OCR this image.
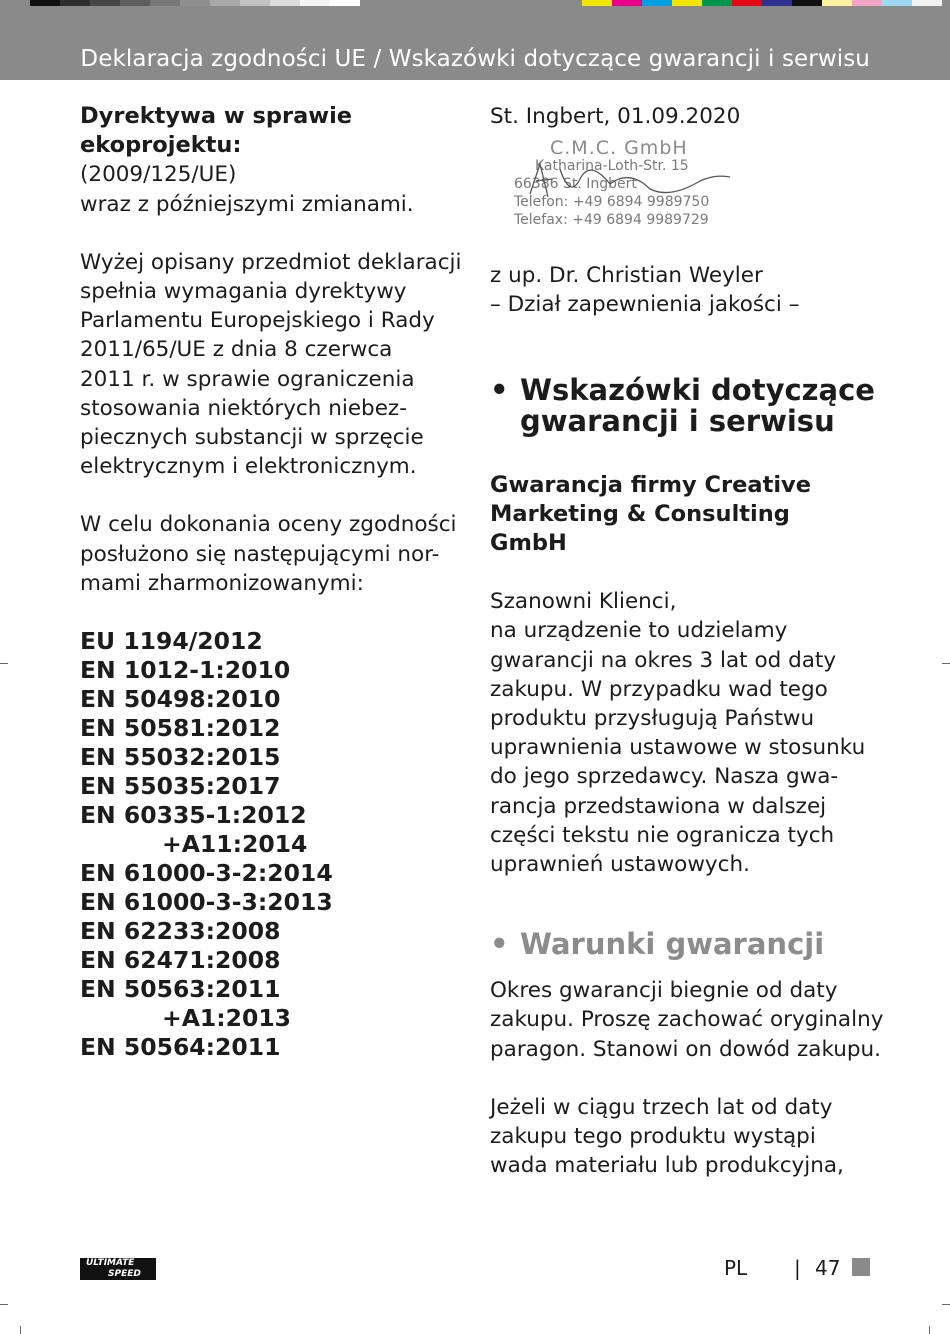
Deklaracja zgodności UE / Wskazówki dotyczące gwarancji i serwisu

Dyrektywa w sprawie

ekoprojektu:

(2009/125/UE)

wraz z późniejszymi zmianami.

Wyżej opisany przedmiot deklaracji

spełnia wymagania dyrektywy

Parlamentu Europejskiego i Rady

2011/65/UE z dnia 8 czerwca

2011 r. w sprawie ograniczenia

stosowania niektórych niebez-

piecznych substancji w sprzęcie

elektrycznym i elektronicznym.

W celu dokonania oceny zgodności

posłużono się następującymi nor-

mami zharmonizowanymi:

EU 1194/2012

EN 1012-1:2010

EN 50498:2010

EN 50581:2012

EN 55032:2015

EN 55035:2017

EN 60335-1:2012

+A11:2014

EN 61000-3-2:2014

EN 61000-3-3:2013

EN 62233:2008

EN 62471:2008

EN 50563:2011

+A1:2013

EN 50564:2011

St. Ingbert, 01.09.2020

C.M.C. GmbH
Katharina-Loth-Str. 15
66386 St. Ingbert
Telefon: +49 6894 9989750
Telefax: +49 6894 9989729

z up. Dr. Christian Weyler

– Dział zapewnienia jakości –

• Wskazówki dotyczące
gwarancji i serwisu

Gwarancja firmy Creative

Marketing & Consulting

GmbH

Szanowni Klienci,

na urządzenie to udzielamy

gwarancji na okres 3 lat od daty

zakupu. W przypadku wad tego

produktu przysługują Państwu

uprawnienia ustawowe w stosunku

do jego sprzedawcy. Nasza gwa-

rancja przedstawiona w dalszej

części tekstu nie ogranicza tych

uprawnień ustawowych.

• Warunki gwarancji

Okres gwarancji biegnie od daty

zakupu. Proszę zachować oryginalny

paragon. Stanowi on dowód zakupu.

Jeżeli w ciągu trzech lat od daty

zakupu tego produktu wystąpi

wada materiału lub produkcyjna,

ULTIMATE
SPEED	PL | 47
